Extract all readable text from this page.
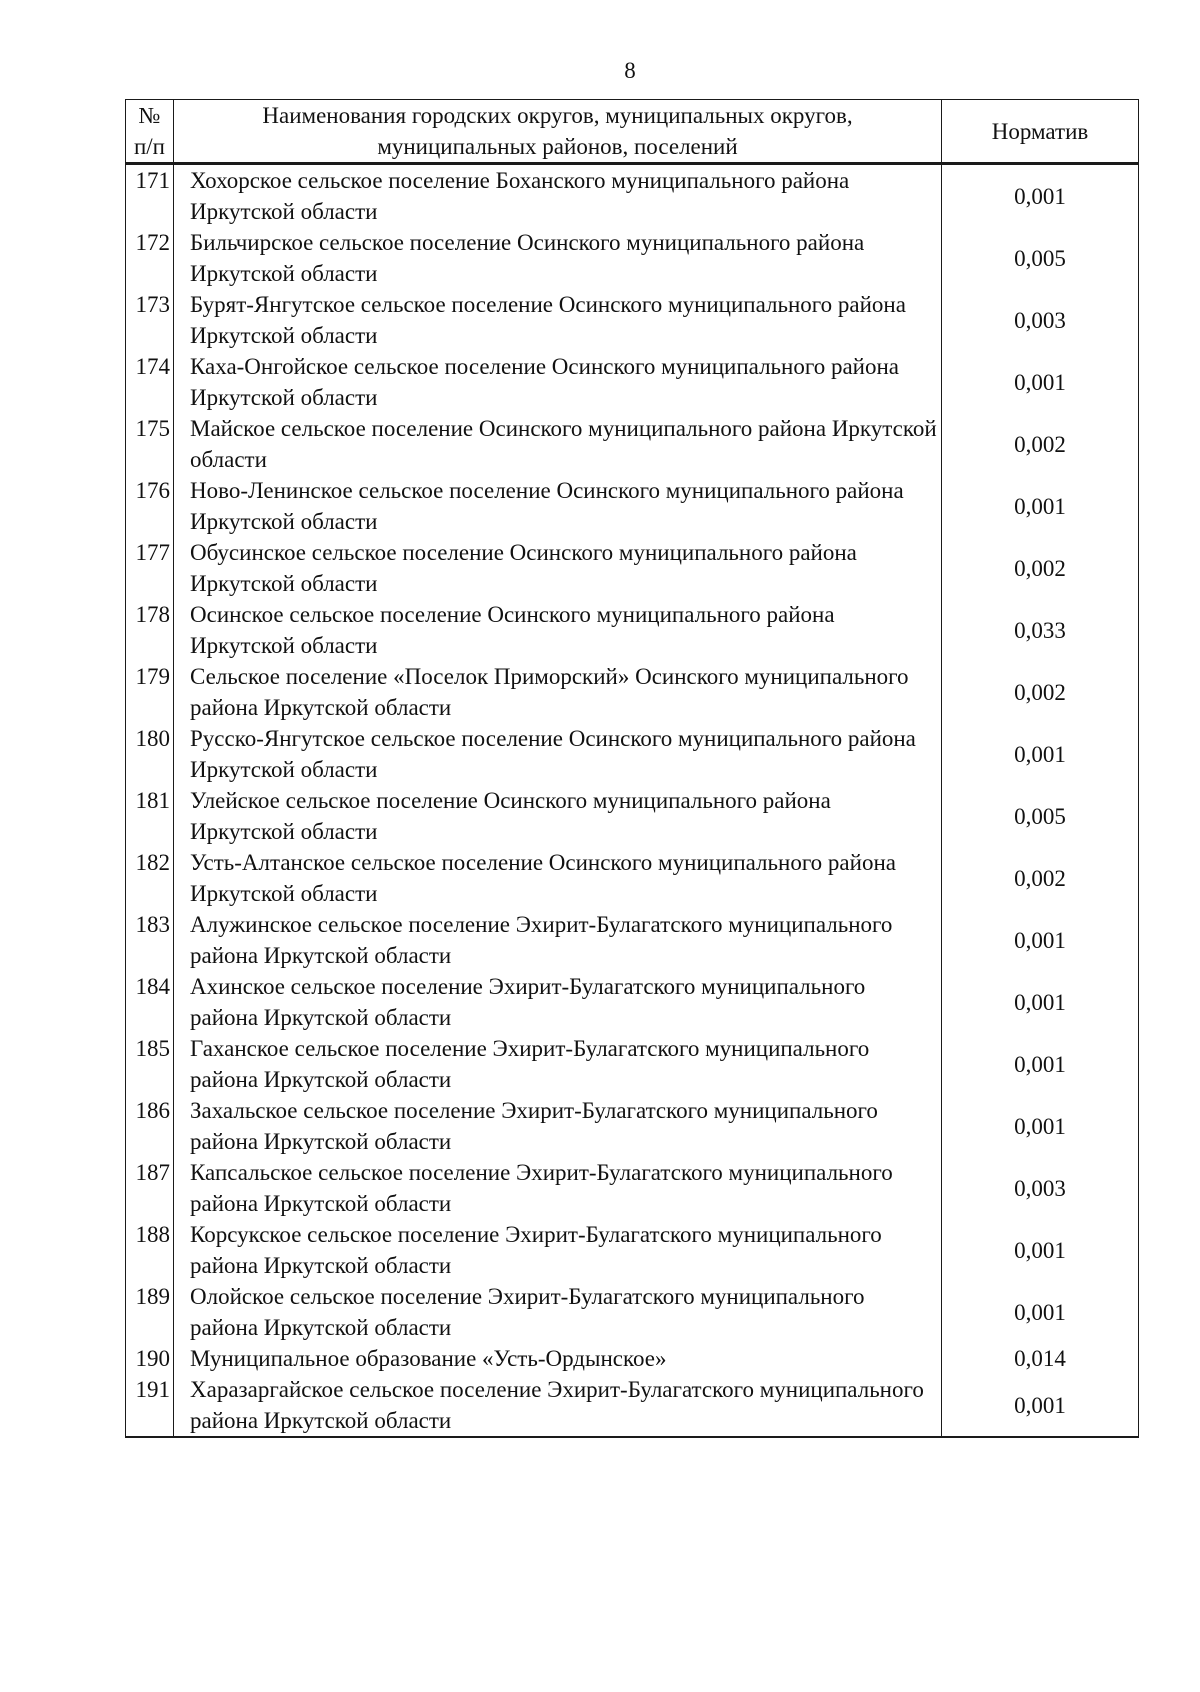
8
№
п/п	Наименования городских округов, муниципальных округов, муниципальных районов, поселений	Норматив
171	Хохорское сельское поселение Боханского муниципального района Иркутской области	0,001
172	Бильчирское сельское поселение Осинского муниципального района Иркутской области	0,005
173	Бурят-Янгутское сельское поселение Осинского муниципального района Иркутской области	0,003
174	Каха-Онгойское сельское поселение Осинского муниципального района Иркутской области	0,001
175	Майское сельское поселение Осинского муниципального района Иркутской области	0,002
176	Ново-Ленинское сельское поселение Осинского муниципального района Иркутской области	0,001
177	Обусинское сельское поселение Осинского муниципального района Иркутской области	0,002
178	Осинское сельское поселение Осинского муниципального района Иркутской области	0,033
179	Сельское поселение «Поселок Приморский» Осинского муниципального района Иркутской области	0,002
180	Русско-Янгутское сельское поселение Осинского муниципального района Иркутской области	0,001
181	Улейское сельское поселение Осинского муниципального района Иркутской области	0,005
182	Усть-Алтанское сельское поселение Осинского муниципального района Иркутской области	0,002
183	Алужинское сельское поселение Эхирит-Булагатского муниципального района Иркутской области	0,001
184	Ахинское сельское поселение Эхирит-Булагатского муниципального района Иркутской области	0,001
185	Гаханское сельское поселение Эхирит-Булагатского муниципального района Иркутской области	0,001
186	Захальское сельское поселение Эхирит-Булагатского муниципального района Иркутской области	0,001
187	Капсальское сельское поселение Эхирит-Булагатского муниципального района Иркутской области	0,003
188	Корсукское сельское поселение Эхирит-Булагатского муниципального района Иркутской области	0,001
189	Олойское сельское поселение Эхирит-Булагатского муниципального района Иркутской области	0,001
190	Муниципальное образование «Усть-Ордынское»	0,014
191	Харазаргайское сельское поселение Эхирит-Булагатского муниципального района Иркутской области	0,001
